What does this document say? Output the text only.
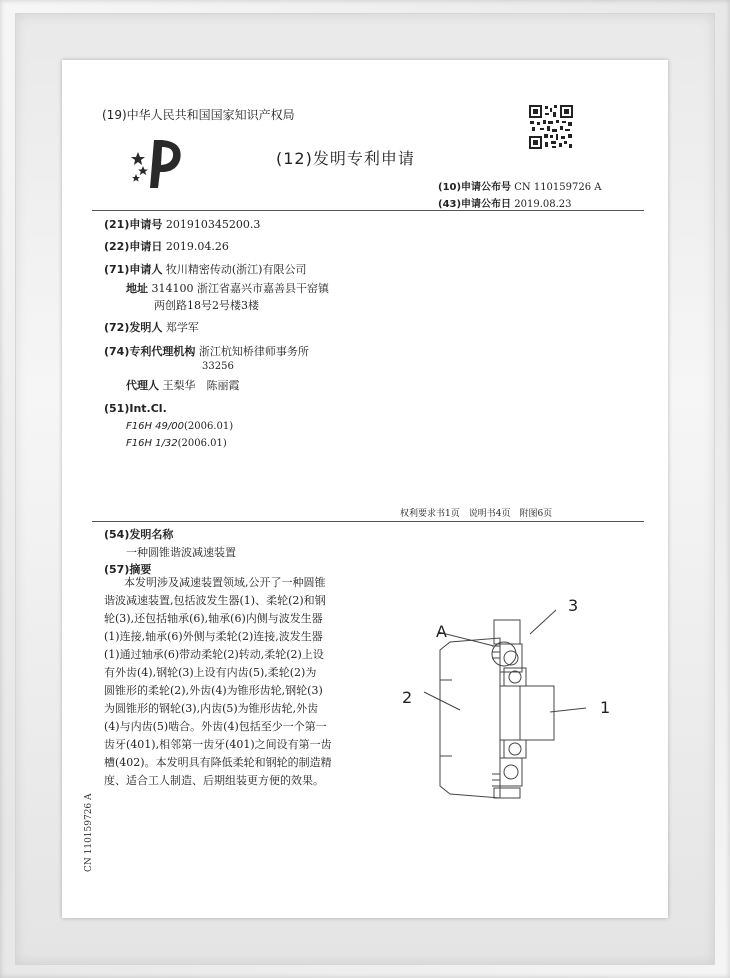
(19)中华人民共和国国家知识产权局
(12)发明专利申请
(10)申请公布号 CN 110159726 A
(43)申请公布日 2019.08.23
(21)申请号 201910345200.3
(22)申请日 2019.04.26
(71)申请人 牧川精密传动(浙江)有限公司
地址 314100 浙江省嘉兴市嘉善县干窑镇
两创路18号2号楼3楼
(72)发明人 郑学军
(74)专利代理机构 浙江杭知桥律师事务所
33256
代理人 王梨华　陈丽霞
(51)Int.Cl.
F16H 49/00(2006.01)
F16H 1/32(2006.01)
权利要求书1页　说明书4页　附图6页
(54)发明名称
一种圆锥谐波减速装置
(57)摘要
本发明涉及减速装置领域,公开了一种圆锥
谐波减速装置,包括波发生器(1)、柔轮(2)和钢
轮(3),还包括轴承(6),轴承(6)内侧与波发生器
(1)连接,轴承(6)外侧与柔轮(2)连接,波发生器
(1)通过轴承(6)带动柔轮(2)转动,柔轮(2)上设
有外齿(4),钢轮(3)上设有内齿(5),柔轮(2)为
圆锥形的柔轮(2),外齿(4)为锥形齿轮,钢轮(3)
为圆锥形的钢轮(3),内齿(5)为锥形齿轮,外齿
(4)与内齿(5)啮合。外齿(4)包括至少一个第一
齿牙(401),相邻第一齿牙(401)之间设有第一齿
槽(402)。本发明具有降低柔轮和钢轮的制造精
度、适合工人制造、后期组装更方便的效果。
A
3
2
1
CN 110159726 A
